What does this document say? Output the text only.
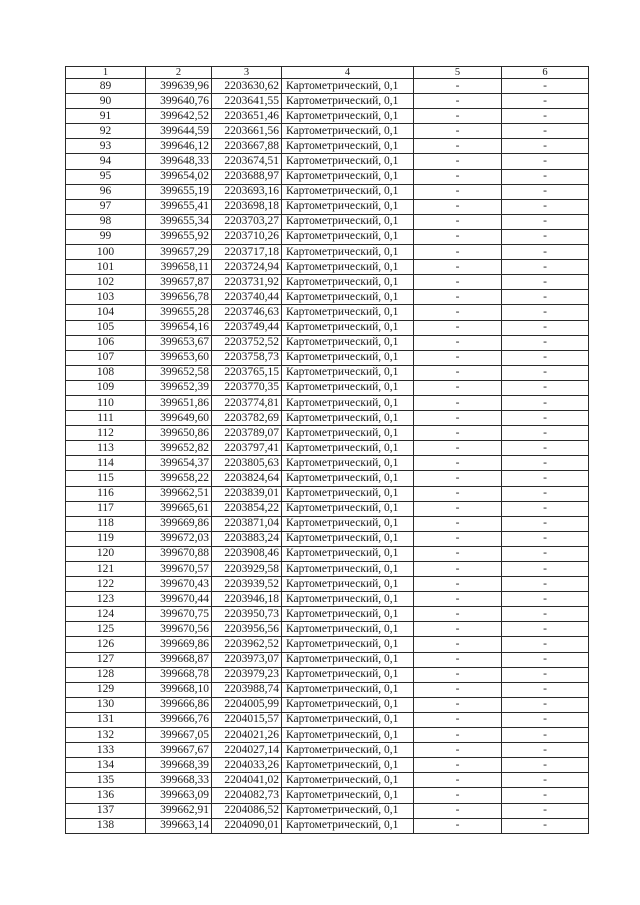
1	2	3	4	5	6
89	399639,96	2203630,62	Картометрический, 0,1	-	-
90	399640,76	2203641,55	Картометрический, 0,1	-	-
91	399642,52	2203651,46	Картометрический, 0,1	-	-
92	399644,59	2203661,56	Картометрический, 0,1	-	-
93	399646,12	2203667,88	Картометрический, 0,1	-	-
94	399648,33	2203674,51	Картометрический, 0,1	-	-
95	399654,02	2203688,97	Картометрический, 0,1	-	-
96	399655,19	2203693,16	Картометрический, 0,1	-	-
97	399655,41	2203698,18	Картометрический, 0,1	-	-
98	399655,34	2203703,27	Картометрический, 0,1	-	-
99	399655,92	2203710,26	Картометрический, 0,1	-	-
100	399657,29	2203717,18	Картометрический, 0,1	-	-
101	399658,11	2203724,94	Картометрический, 0,1	-	-
102	399657,87	2203731,92	Картометрический, 0,1	-	-
103	399656,78	2203740,44	Картометрический, 0,1	-	-
104	399655,28	2203746,63	Картометрический, 0,1	-	-
105	399654,16	2203749,44	Картометрический, 0,1	-	-
106	399653,67	2203752,52	Картометрический, 0,1	-	-
107	399653,60	2203758,73	Картометрический, 0,1	-	-
108	399652,58	2203765,15	Картометрический, 0,1	-	-
109	399652,39	2203770,35	Картометрический, 0,1	-	-
110	399651,86	2203774,81	Картометрический, 0,1	-	-
111	399649,60	2203782,69	Картометрический, 0,1	-	-
112	399650,86	2203789,07	Картометрический, 0,1	-	-
113	399652,82	2203797,41	Картометрический, 0,1	-	-
114	399654,37	2203805,63	Картометрический, 0,1	-	-
115	399658,22	2203824,64	Картометрический, 0,1	-	-
116	399662,51	2203839,01	Картометрический, 0,1	-	-
117	399665,61	2203854,22	Картометрический, 0,1	-	-
118	399669,86	2203871,04	Картометрический, 0,1	-	-
119	399672,03	2203883,24	Картометрический, 0,1	-	-
120	399670,88	2203908,46	Картометрический, 0,1	-	-
121	399670,57	2203929,58	Картометрический, 0,1	-	-
122	399670,43	2203939,52	Картометрический, 0,1	-	-
123	399670,44	2203946,18	Картометрический, 0,1	-	-
124	399670,75	2203950,73	Картометрический, 0,1	-	-
125	399670,56	2203956,56	Картометрический, 0,1	-	-
126	399669,86	2203962,52	Картометрический, 0,1	-	-
127	399668,87	2203973,07	Картометрический, 0,1	-	-
128	399668,78	2203979,23	Картометрический, 0,1	-	-
129	399668,10	2203988,74	Картометрический, 0,1	-	-
130	399666,86	2204005,99	Картометрический, 0,1	-	-
131	399666,76	2204015,57	Картометрический, 0,1	-	-
132	399667,05	2204021,26	Картометрический, 0,1	-	-
133	399667,67	2204027,14	Картометрический, 0,1	-	-
134	399668,39	2204033,26	Картометрический, 0,1	-	-
135	399668,33	2204041,02	Картометрический, 0,1	-	-
136	399663,09	2204082,73	Картометрический, 0,1	-	-
137	399662,91	2204086,52	Картометрический, 0,1	-	-
138	399663,14	2204090,01	Картометрический, 0,1	-	-
